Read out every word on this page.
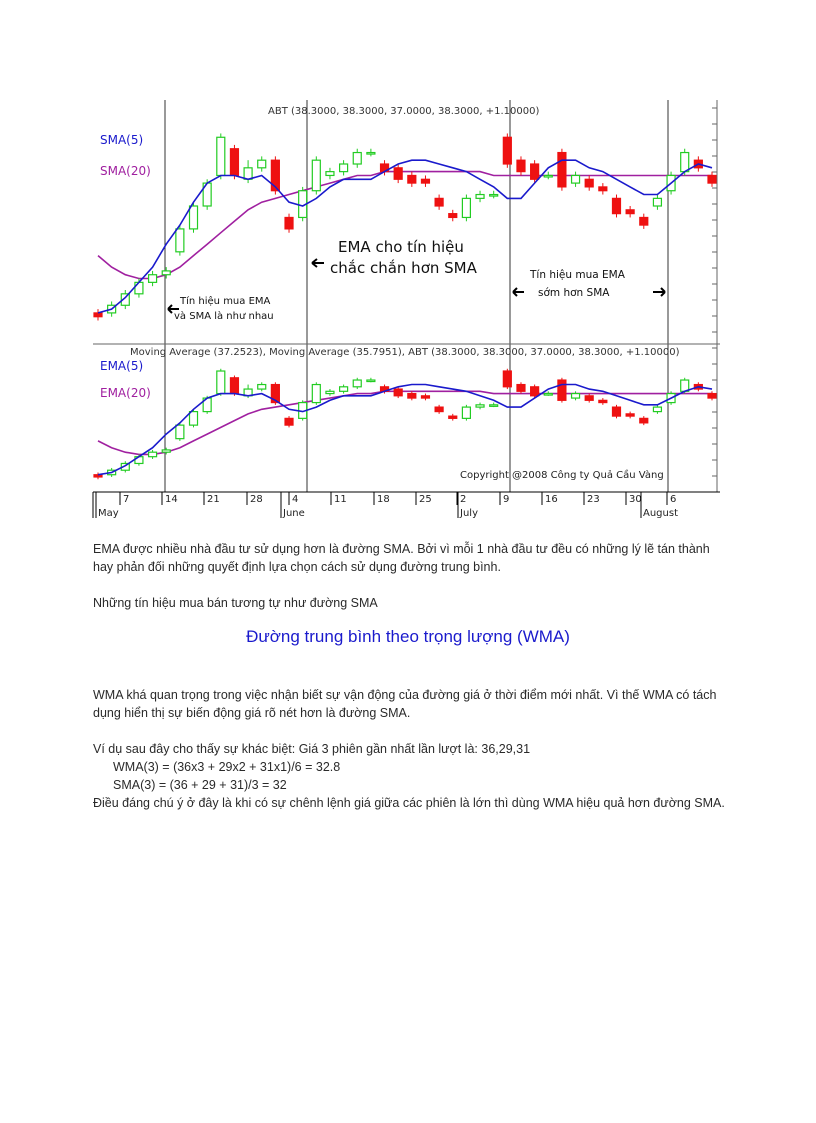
ABT (38.3000, 38.3000, 37.0000, 38.3000, +1.10000)
Moving Average (37.2523), Moving Average (35.7951), ABT (38.3000, 38.3000, 37.0000, 38.3000, +1.10000)
SMA(5)
SMA(20)
EMA(5)
EMA(20)
EMA cho tín hiệu
chắc chắn hơn SMA
Tín hiệu mua EMA
và SMA là như nhau
Tín hiệu mua EMA
sớm hơn SMA
Copyright @2008 Công ty Quả Cầu Vàng
7	14	21	28	4	11	18	25	2	9	16	23	30	6
May	June	July	August

EMA được nhiều nhà đầu tư sử dụng hơn là đường SMA. Bởi vì mỗi 1 nhà đầu tư đều có những lý lẽ tán thành hay phản đối những quyết định lựa chọn cách sử dụng đường trung bình.

Những tín hiệu mua bán tương tự như đường SMA

Đường trung bình theo trọng lượng (WMA)

WMA khá quan trọng trong việc nhận biết sự vận động của đường giá ở thời điểm mới nhất. Vì thế WMA có tách dụng hiển thị sự biến động giá rõ nét hơn là đường SMA.

Ví dụ sau đây cho thấy sự khác biệt: Giá 3 phiên gần nhất lần lượt là: 36,29,31
WMA(3) = (36x3 + 29x2 + 31x1)/6 = 32.8
SMA(3) = (36 + 29 + 31)/3 = 32
Điều đáng chú ý ở đây là khi có sự chênh lệnh giá giữa các phiên là lớn thì dùng WMA hiệu quả hơn đường SMA.
